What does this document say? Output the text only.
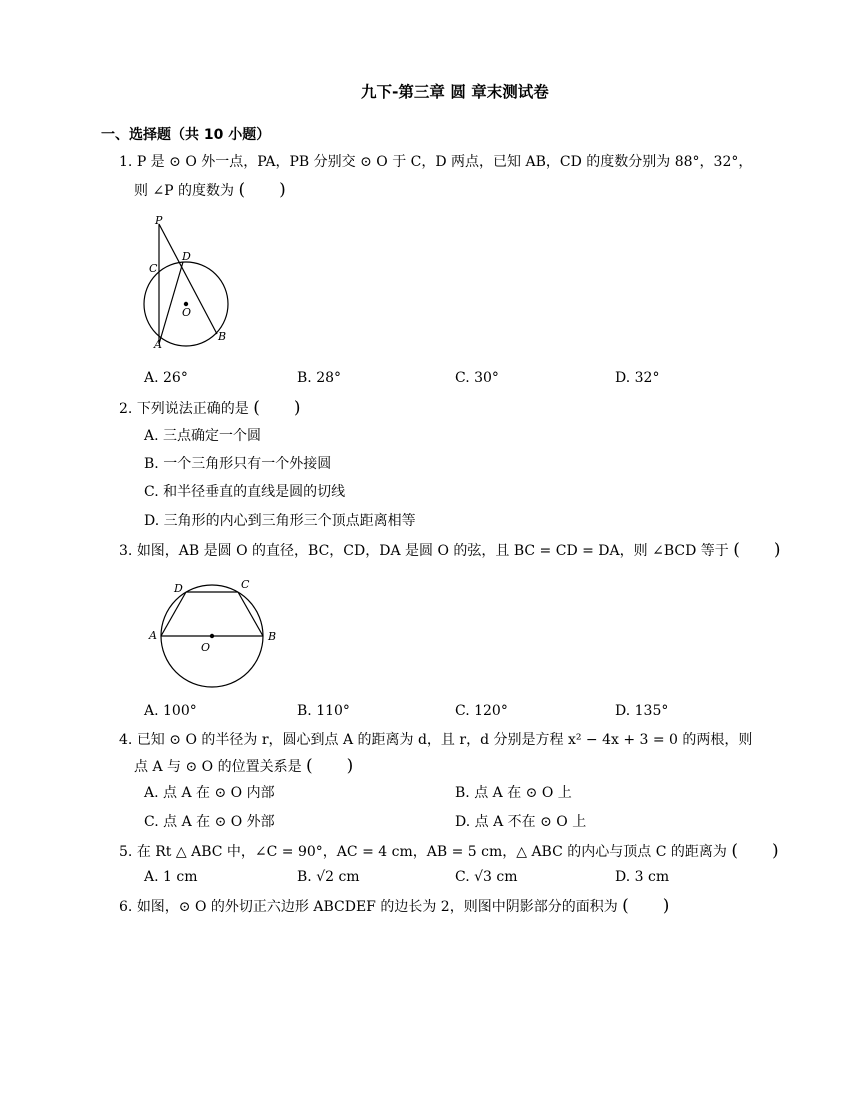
九下-第三章 圆 章末测试卷
一、选择题（共 10 小题）
1. P 是 ⊙ O 外一点，PA，PB 分别交 ⊙ O 于 C，D 两点，已知 AB，CD 的度数分别为 88°，32°，
则 ∠P 的度数为 (　　)
P
D
C
O
A
B
A. 26°	B. 28°	C. 30°	D. 32°
2. 下列说法正确的是 (　　)
A. 三点确定一个圆
B. 一个三角形只有一个外接圆
C. 和半径垂直的直线是圆的切线
D. 三角形的内心到三角形三个顶点距离相等
3. 如图，AB 是圆 O 的直径，BC，CD，DA 是圆 O 的弦，且 BC = CD = DA，则 ∠BCD 等于 (　　)
D	C
A
O
B
A. 100°	B. 110°	C. 120°	D. 135°
4. 已知 ⊙ O 的半径为 r，圆心到点 A 的距离为 d，且 r，d 分别是方程 x² − 4x + 3 = 0 的两根，则
点 A 与 ⊙ O 的位置关系是 (　　)
A. 点 A 在 ⊙ O 内部	B. 点 A 在 ⊙ O 上
C. 点 A 在 ⊙ O 外部	D. 点 A 不在 ⊙ O 上
5. 在 Rt △ ABC 中，∠C = 90°，AC = 4 cm，AB = 5 cm，△ ABC 的内心与顶点 C 的距离为 (　　)
A. 1 cm	B. √2 cm	C. √3 cm	D. 3 cm
6. 如图，⊙ O 的外切正六边形 ABCDEF 的边长为 2，则图中阴影部分的面积为 (　　)
